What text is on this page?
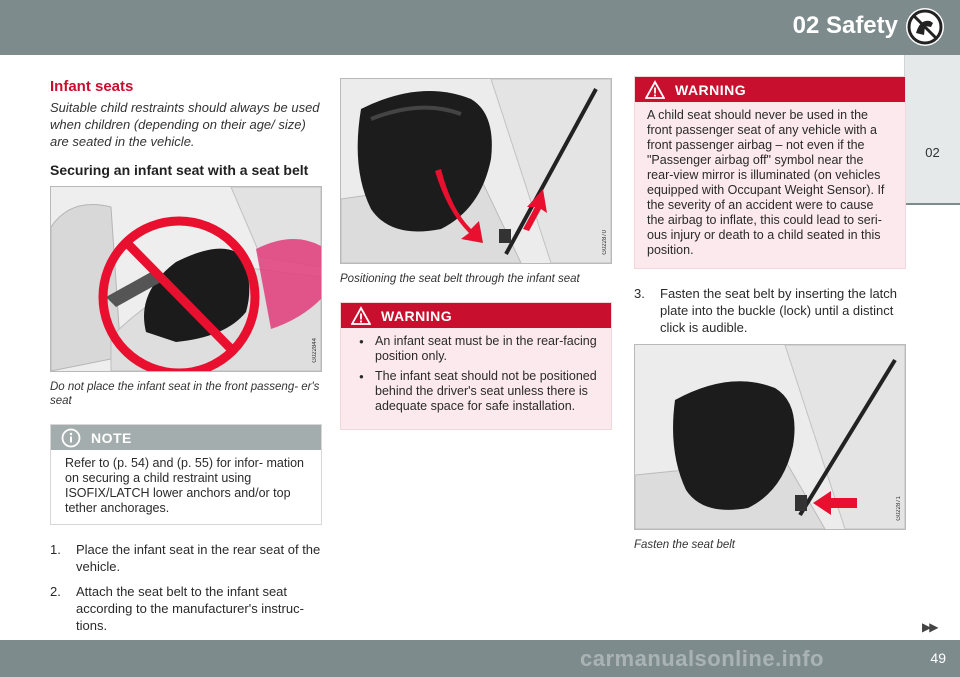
02 Safety
02
Infant seats

Suitable child restraints should always be used when children (depending on their age/ size) are seated in the vehicle.

Securing an infant seat with a seat belt
G022844

Do not place the infant seat in the front passeng- er's seat

NOTE
Refer to (p. 54) and (p. 55) for infor- mation on securing a child restraint using ISOFIX/LATCH lower anchors and/or top tether anchorages.
1. Place the infant seat in the rear seat of the vehicle.
2. Attach the seat belt to the infant seat according to the manufacturer's instruc- tions.
G022870

Positioning the seat belt through the infant seat

WARNING
● An infant seat must be in the rear-facing position only.
● The infant seat should not be positioned behind the driver's seat unless there is adequate space for safe installation.
WARNING
A child seat should never be used in the front passenger seat of any vehicle with a front passenger airbag – not even if the "Passenger airbag off" symbol near the rear-view mirror is illuminated (on vehicles equipped with Occupant Weight Sensor). If the severity of an accident were to cause the airbag to inflate, this could lead to seri- ous injury or death to a child seated in this position.
3. Fasten the seat belt by inserting the latch plate into the buckle (lock) until a distinct click is audible.
G022871

Fasten the seat belt

▶▶
carmanualsonline.info	49
